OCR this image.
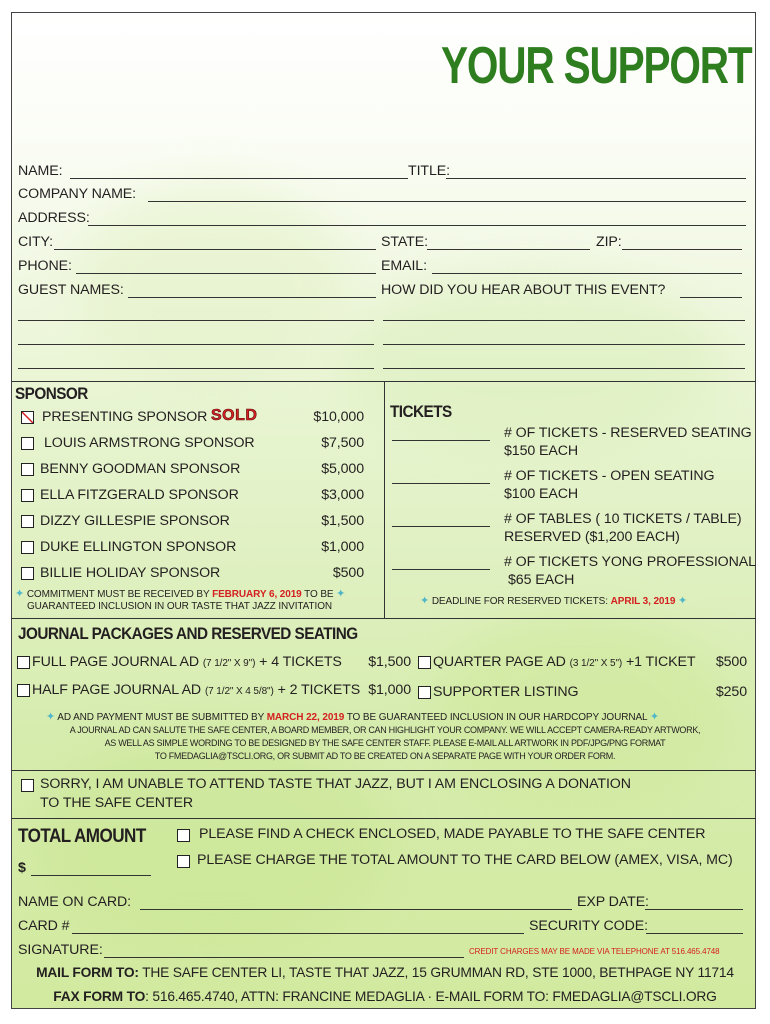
YOUR SUPPORT
NAME:	TITLE:
COMPANY NAME:
ADDRESS:
CITY:	STATE:	ZIP:
PHONE:	EMAIL:
GUEST NAMES:	HOW DID YOU HEAR ABOUT THIS EVENT?
SPONSOR
PRESENTING SPONSOR SOLD	$10,000
LOUIS ARMSTRONG SPONSOR	$7,500
BENNY GOODMAN SPONSOR	$5,000
ELLA FITZGERALD SPONSOR	$3,000
DIZZY GILLESPIE SPONSOR	$1,500
DUKE ELLINGTON SPONSOR	$1,000
BILLIE HOLIDAY SPONSOR	$500
✦ COMMITMENT MUST BE RECEIVED BY FEBRUARY 6, 2019 TO BE ✦
GUARANTEED INCLUSION IN OUR TASTE THAT JAZZ INVITATION
TICKETS
# OF TICKETS - RESERVED SEATING
$150 EACH
# OF TICKETS - OPEN SEATING
$100 EACH
# OF TABLES ( 10 TICKETS / TABLE)
RESERVED ($1,200 EACH)
# OF TICKETS YONG PROFESSIONAL
$65 EACH
✦ DEADLINE FOR RESERVED TICKETS: APRIL 3, 2019 ✦
JOURNAL PACKAGES AND RESERVED SEATING
FULL PAGE JOURNAL AD (7 1/2" X 9") + 4 TICKETS	$1,500 QUARTER PAGE AD (3 1/2" X 5") +1 TICKET	$500
HALF PAGE JOURNAL AD (7 1/2" X 4 5/8") + 2 TICKETS $1,000 SUPPORTER LISTING	$250
✦ AD AND PAYMENT MUST BE SUBMITTED BY MARCH 22, 2019 TO BE GUARANTEED INCLUSION IN OUR HARDCOPY JOURNAL ✦
A JOURNAL AD CAN SALUTE THE SAFE CENTER, A BOARD MEMBER, OR CAN HIGHLIGHT YOUR COMPANY. WE WILL ACCEPT CAMERA-READY ARTWORK,
AS WELL AS SIMPLE WORDING TO BE DESIGNED BY THE SAFE CENTER STAFF. PLEASE E-MAIL ALL ARTWORK IN PDF/JPG/PNG FORMAT
TO FMEDAGLIA@TSCLI.ORG, OR SUBMIT AD TO BE CREATED ON A SEPARATE PAGE WITH YOUR ORDER FORM.
SORRY, I AM UNABLE TO ATTEND TASTE THAT JAZZ, BUT I AM ENCLOSING A DONATION
TO THE SAFE CENTER
TOTAL AMOUNT
$
PLEASE FIND A CHECK ENCLOSED, MADE PAYABLE TO THE SAFE CENTER
PLEASE CHARGE THE TOTAL AMOUNT TO THE CARD BELOW (AMEX, VISA, MC)
NAME ON CARD:	EXP DATE:
CARD #	SECURITY CODE:
SIGNATURE:	CREDIT CHARGES MAY BE MADE VIA TELEPHONE AT 516.465.4748
MAIL FORM TO: THE SAFE CENTER LI, TASTE THAT JAZZ, 15 GRUMMAN RD, STE 1000, BETHPAGE NY 11714
FAX FORM TO: 516.465.4740, ATTN: FRANCINE MEDAGLIA · E-MAIL FORM TO: FMEDAGLIA@TSCLI.ORG
